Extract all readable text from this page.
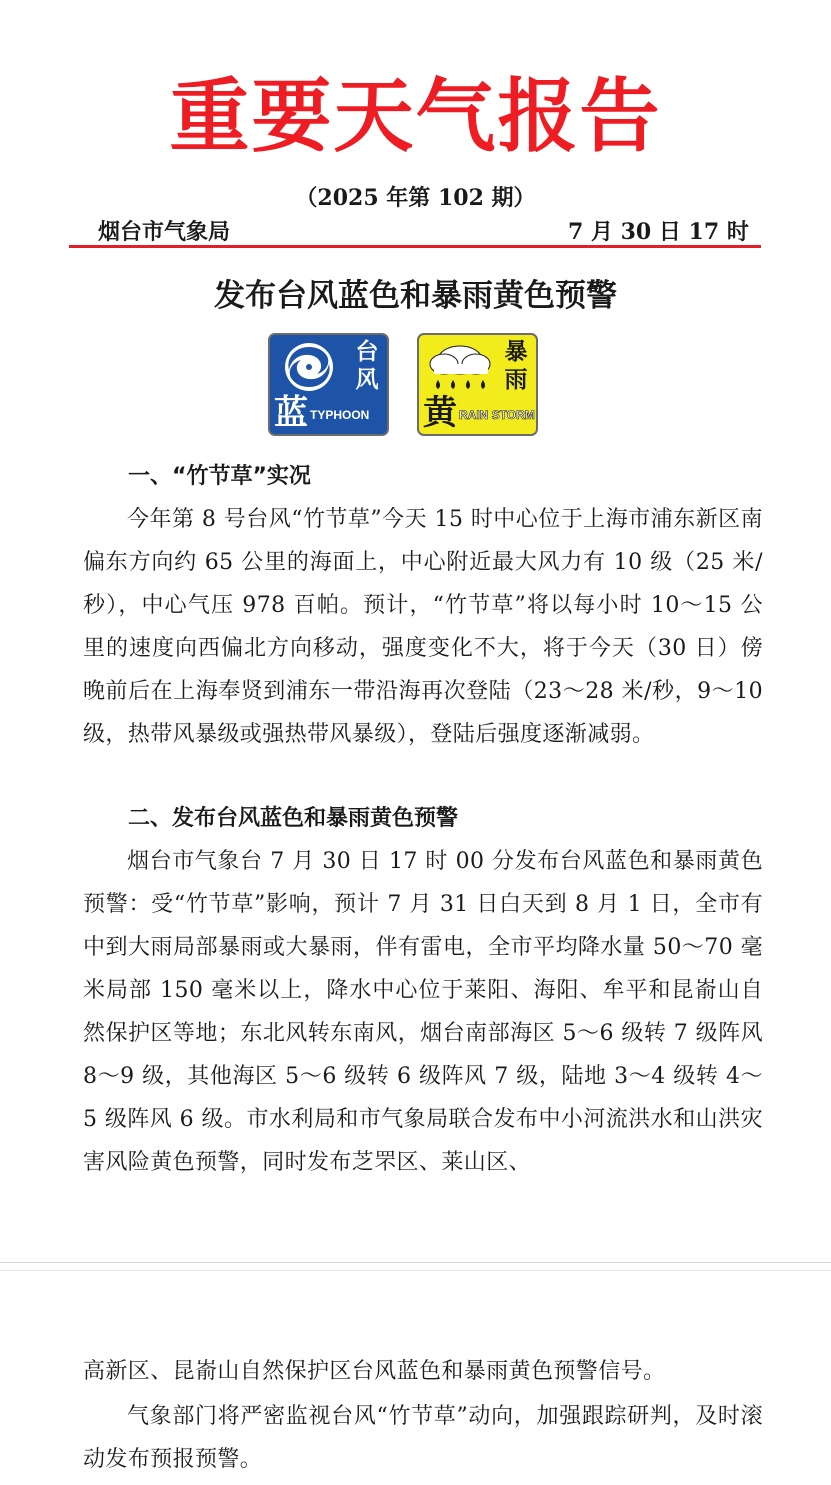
重要天气报告
（2025 年第 102 期）
烟台市气象局	7 月 30 日 17 时
发布台风蓝色和暴雨黄色预警
台
风
蓝 TYPHOON
暴
雨
黄 RAIN STORM
一、“竹节草”实况
今年第 8 号台风“竹节草”今天 15 时中心位于上海市浦东新区南偏东方向约 65 公里的海面上，中心附近最大风力有 10 级（25 米/秒），中心气压 978 百帕。预计，“竹节草”将以每小时 10～15 公里的速度向西偏北方向移动，强度变化不大，将于今天（30 日）傍晚前后在上海奉贤到浦东一带沿海再次登陆（23～28 米/秒，9～10 级，热带风暴级或强热带风暴级），登陆后强度逐渐减弱。
二、发布台风蓝色和暴雨黄色预警
烟台市气象台 7 月 30 日 17 时 00 分发布台风蓝色和暴雨黄色预警：受“竹节草”影响，预计 7 月 31 日白天到 8 月 1 日，全市有中到大雨局部暴雨或大暴雨，伴有雷电，全市平均降水量 50～70 毫米局部 150 毫米以上，降水中心位于莱阳、海阳、牟平和昆嵛山自然保护区等地；东北风转东南风，烟台南部海区 5～6 级转 7 级阵风 8～9 级，其他海区 5～6 级转 6 级阵风 7 级，陆地 3～4 级转 4～5 级阵风 6 级。市水利局和市气象局联合发布中小河流洪水和山洪灾害风险黄色预警，同时发布芝罘区、莱山区、
高新区、昆嵛山自然保护区台风蓝色和暴雨黄色预警信号。
气象部门将严密监视台风“竹节草”动向，加强跟踪研判，及时滚动发布预报预警。
